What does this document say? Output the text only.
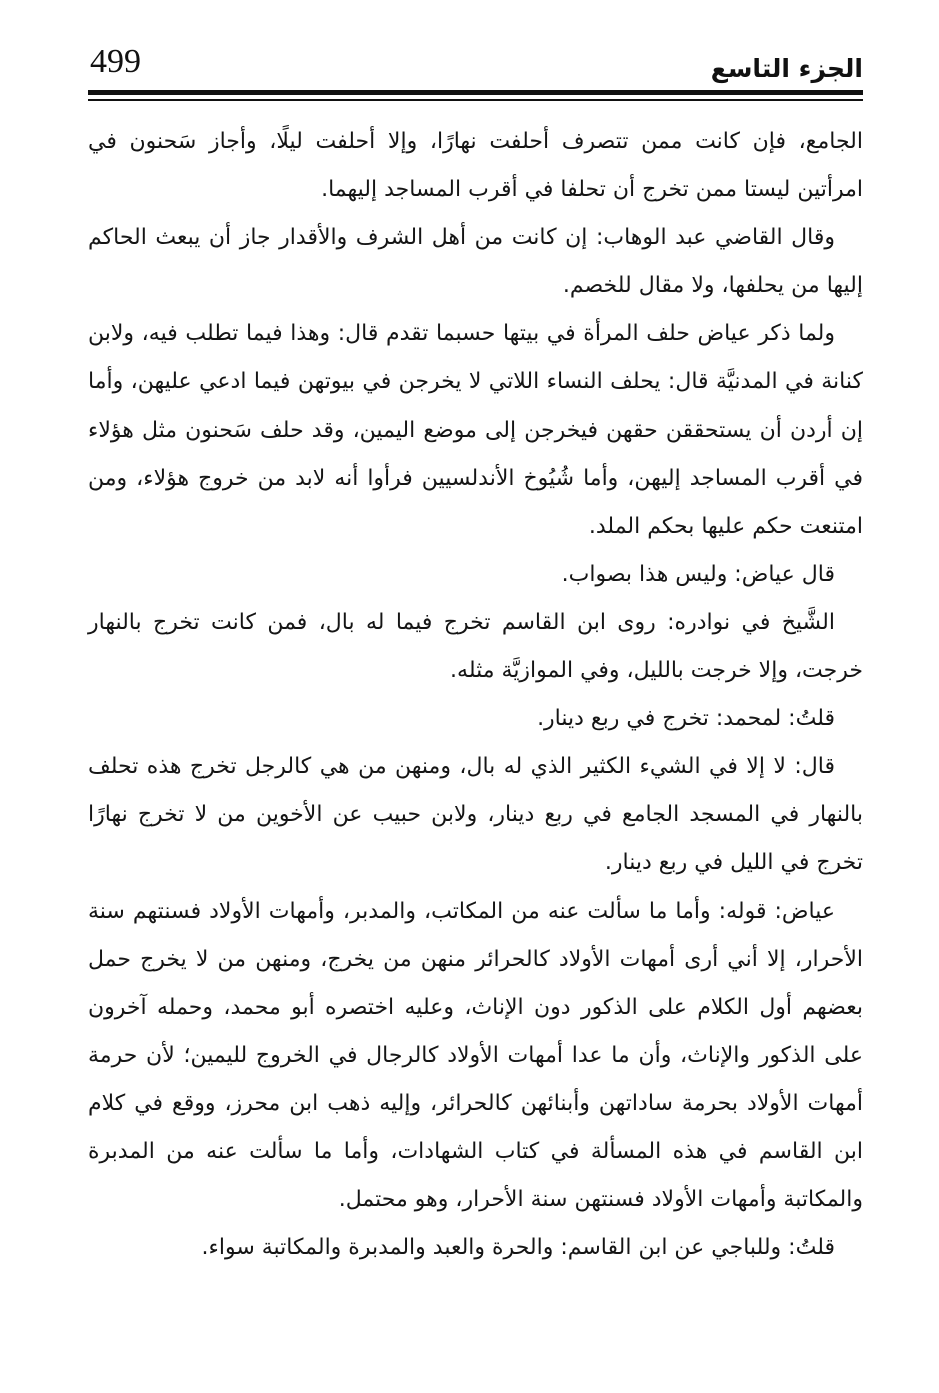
499	الجزء التاسع

الجامع، فإن كانت ممن تتصرف أحلفت نهارًا، وإلا أحلفت ليلًا، وأجاز سَحنون في امرأتين ليستا ممن تخرج أن تحلفا في أقرب المساجد إليهما.

وقال القاضي عبد الوهاب: إن كانت من أهل الشرف والأقدار جاز أن يبعث الحاكم إليها من يحلفها، ولا مقال للخصم.

ولما ذكر عياض حلف المرأة في بيتها حسبما تقدم قال: وهذا فيما تطلب فيه، ولابن كنانة في المدنيَّة قال: يحلف النساء اللاتي لا يخرجن في بيوتهن فيما ادعي عليهن، وأما إن أردن أن يستحققن حقهن فيخرجن إلى موضع اليمين، وقد حلف سَحنون مثل هؤلاء في أقرب المساجد إليهن، وأما شُيُوخ الأندلسيين فرأوا أنه لابد من خروج هؤلاء، ومن امتنعت حكم عليها بحكم الملد.

قال عياض: وليس هذا بصواب.

الشَّيخ في نوادره: روى ابن القاسم تخرج فيما له بال، فمن كانت تخرج بالنهار خرجت، وإلا خرجت بالليل، وفي الموازيَّة مثله.

قلتُ: لمحمد: تخرج في ربع دينار.

قال: لا إلا في الشيء الكثير الذي له بال، ومنهن من هي كالرجل تخرج هذه تحلف بالنهار في المسجد الجامع في ربع دينار، ولابن حبيب عن الأخوين من لا تخرج نهارًا تخرج في الليل في ربع دينار.

عياض: قوله: وأما ما سألت عنه من المكاتب، والمدبر، وأمهات الأولاد فسنتهم سنة الأحرار، إلا أني أرى أمهات الأولاد كالحرائر منهن من يخرج، ومنهن من لا يخرج حمل بعضهم أول الكلام على الذكور دون الإناث، وعليه اختصره أبو محمد، وحمله آخرون على الذكور والإناث، وأن ما عدا أمهات الأولاد كالرجال في الخروج لليمين؛ لأن حرمة أمهات الأولاد بحرمة ساداتهن وأبنائهن كالحرائر، وإليه ذهب ابن محرز، ووقع في كلام ابن القاسم في هذه المسألة في كتاب الشهادات، وأما ما سألت عنه من المدبرة والمكاتبة وأمهات الأولاد فسنتهن سنة الأحرار، وهو محتمل.

قلتُ: وللباجي عن ابن القاسم: والحرة والعبد والمدبرة والمكاتبة سواء.
